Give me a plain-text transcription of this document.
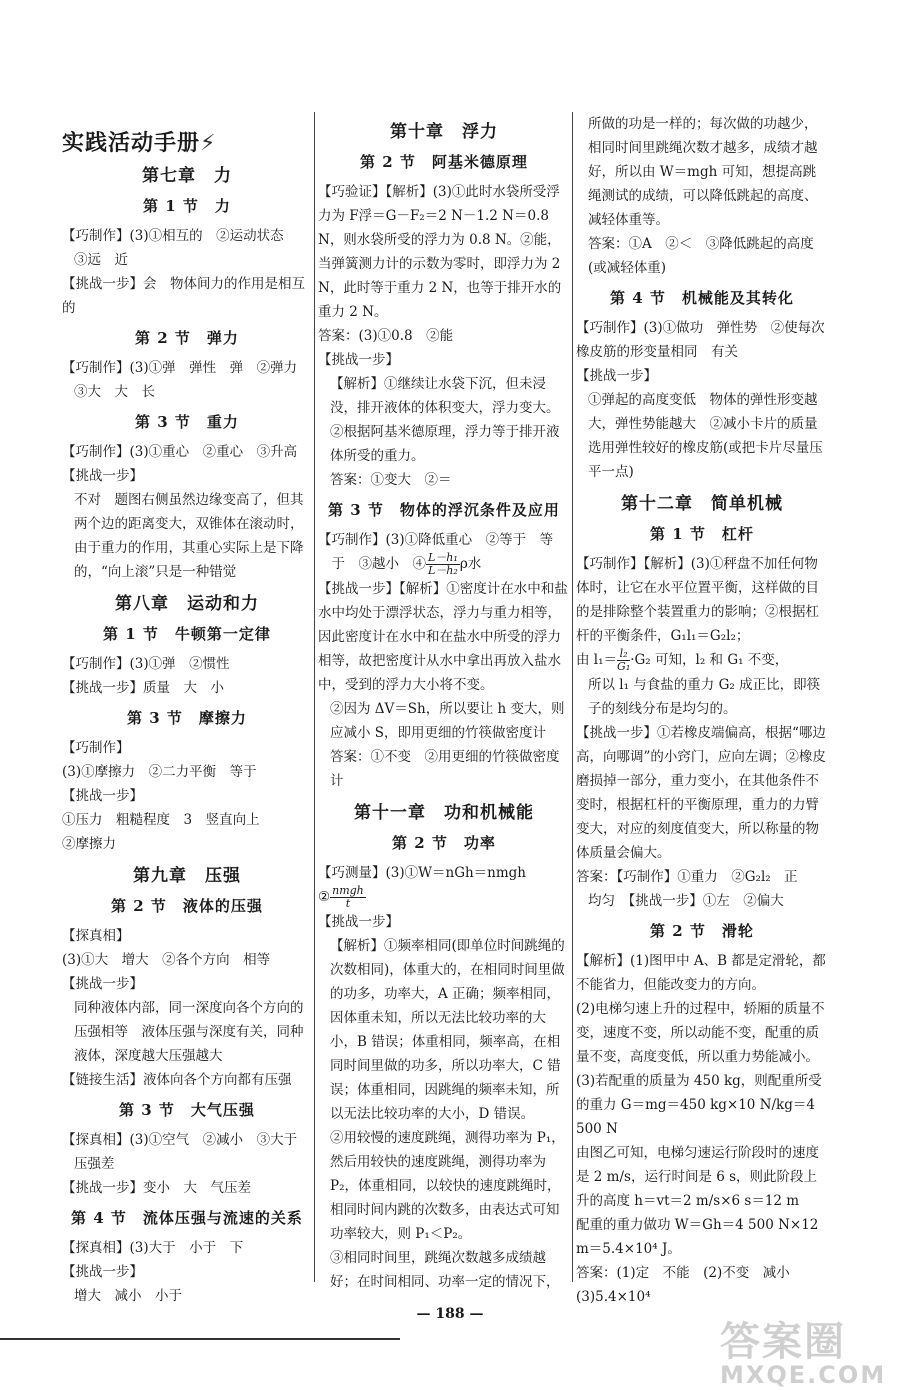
实践活动手册⚡
第七章　力
第 1 节　力
【巧制作】(3)①相互的　②运动状态
③远　近
【挑战一步】会　物体间力的作用是相互的
第 2 节　弹力
【巧制作】(3)①弹　弹性　弹　②弹力
③大　大　长
第 3 节　重力
【巧制作】(3)①重心　②重心　③升高
【挑战一步】
不对　题图右侧虽然边缘变高了，但其两个边的距离变大，双锥体在滚动时，由于重力的作用，其重心实际上是下降的，“向上滚”只是一种错觉
第八章　运动和力
第 1 节　牛顿第一定律
【巧制作】(3)①弹　②惯性
【挑战一步】质量　大　小
第 3 节　摩擦力
【巧制作】
(3)①摩擦力　②二力平衡　等于
【挑战一步】
①压力　粗糙程度　3　竖直向上
②摩擦力
第九章　压强
第 2 节　液体的压强
【探真相】
(3)①大　增大　②各个方向　相等
【挑战一步】
同种液体内部，同一深度向各个方向的压强相等　液体压强与深度有关，同种液体，深度越大压强越大
【链接生活】液体向各个方向都有压强
第 3 节　大气压强
【探真相】(3)①空气　②减小　③大于
压强差
【挑战一步】变小　大　气压差
第 4 节　流体压强与流速的关系
【探真相】(3)大于　小于　下
【挑战一步】
增大　减小　小于
第十章　浮力
第 2 节　阿基米德原理
【巧验证】【解析】(3)①此时水袋所受浮力为 F浮＝G－F₂＝2 N－1.2 N＝0.8 N，则水袋所受的浮力为 0.8 N。②能，当弹簧测力计的示数为零时，即浮力为 2 N，此时等于重力 2 N，也等于排开水的重力 2 N。
答案：(3)①0.8　②能
【挑战一步】
【解析】①继续让水袋下沉，但未浸没，排开液体的体积变大，浮力变大。②根据阿基米德原理，浮力等于排开液体所受的重力。
答案：①变大　②＝
第 3 节　物体的浮沉条件及应用
【巧制作】(3)①降低重心　②等于　等
　于　③越小　④ $\frac{\text{L－h₁}}{\text{L－h₂}}$ ρ水
【挑战一步】【解析】①密度计在水中和盐水中均处于漂浮状态，浮力与重力相等，因此密度计在水中和在盐水中所受的浮力相等，故把密度计从水中拿出再放入盐水中，受到的浮力大小将不变。
②因为 ΔV＝Sh，所以要让 h 变大，则应减小 S，即用更细的竹筷做密度计
答案：①不变　②用更细的竹筷做密度计
第十一章　功和机械能
第 2 节　功率
【巧测量】(3)①W＝nGh＝nmgh
② $\frac{\text{nmgh}}{t}$
【挑战一步】
【解析】①频率相同(即单位时间跳绳的次数相同)，体重大的，在相同时间里做的功多，功率大，A 正确；频率相同，因体重未知，所以无法比较功率的大小，B 错误；体重相同，频率高，在相同时间里做的功多，所以功率大，C 错误；体重相同，因跳绳的频率未知，所以无法比较功率的大小，D 错误。
②用较慢的速度跳绳，测得功率为 P₁，然后用较快的速度跳绳，测得功率为 P₂，体重相同，以较快的速度跳绳时，相同时间内跳的次数多，由表达式可知功率较大，则 P₁＜P₂。
③相同时间里，跳绳次数越多成绩越好；在时间相同、功率一定的情况下，
所做的功是一样的；每次做的功越少，相同时间里跳绳次数才越多，成绩才越好，所以由 W＝mgh 可知，想提高跳绳测试的成绩，可以降低跳起的高度、减轻体重等。
答案：①A　②＜　③降低跳起的高度(或减轻体重)
第 4 节　机械能及其转化
【巧制作】(3)①做功　弹性势　②使每次橡皮筋的形变量相同　有关
【挑战一步】
①弹起的高度变低　物体的弹性形变越大，弹性势能越大　②减小卡片的质量　选用弹性较好的橡皮筋(或把卡片尽量压平一点)
第十二章　简单机械
第 1 节　杠杆
【巧制作】【解析】(3)①秤盘不加任何物体时，让它在水平位置平衡，这样做的目的是排除整个装置重力的影响；②根据杠杆的平衡条件，G₁l₁＝G₂l₂；
由 $l_1= \frac{\text{l₂}}{\text{G₁}} \cdot G_2$ 可知，l₂ 和 G₁ 不变，
所以 l₁ 与食盐的重力 G₂ 成正比，即筷子的刻线分布是均匀的。
【挑战一步】①若橡皮端偏高，根据“哪边高，向哪调”的小窍门，应向左调；②橡皮磨损掉一部分，重力变小，在其他条件不变时，根据杠杆的平衡原理，重力的力臂变大，对应的刻度值变大，所以称量的物体质量会偏大。
答案：【巧制作】①重力　②G₂l₂　正
均匀　【挑战一步】①左　②偏大
第 2 节　滑轮
【解析】(1)图甲中 A、B 都是定滑轮，都不能省力，但能改变力的方向。
(2)电梯匀速上升的过程中，轿厢的质量不变，速度不变，所以动能不变，配重的质量不变，高度变低，所以重力势能减小。
(3)若配重的质量为 450 kg，则配重所受的重力 G＝mg＝450 kg×10 N/kg＝4 500 N
由图乙可知，电梯匀速运行阶段时的速度是 2 m/s，运行时间是 6 s，则此阶段上升的高度 h＝vt＝2 m/s×6 s＝12 m
配重的重力做功 W＝Gh＝4 500 N×12 m＝5.4×10⁴ J。
答案：(1)定　不能　(2)不变　减小
(3)5.4×10⁴
— 188 —
答案圈
MXQE.COM
